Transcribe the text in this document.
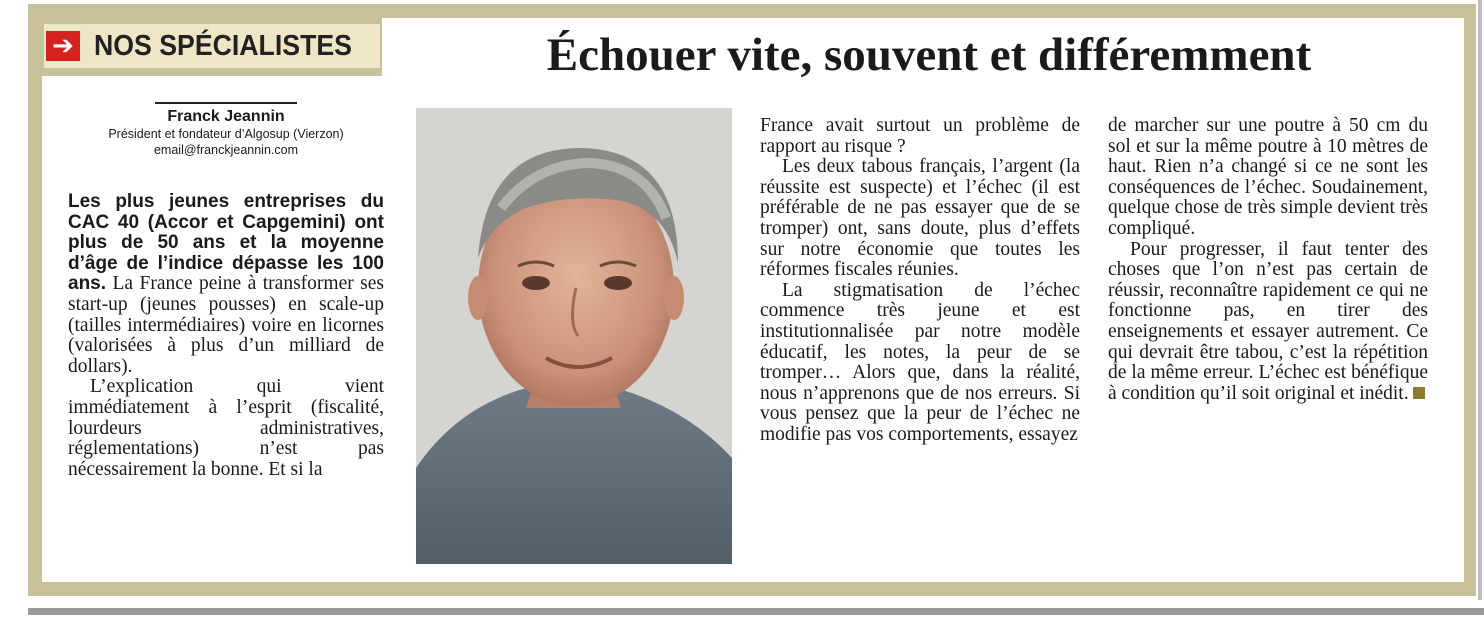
➔ NOS SPÉCIALISTES	Échouer vite, souvent et différemment
Franck Jeannin
Président et fondateur d’Algosup (Vierzon)
email@franckjeannin.com

Les plus jeunes entreprises du CAC 40 (Accor et Capgemini) ont plus de 50 ans et la moyenne d’âge de l’indice dépasse les 100 ans. La France peine à transformer ses start-up (jeunes pousses) en scale-up (tailles intermédiaires) voire en licornes (valorisées à plus d’un milliard de dollars).

L’explication qui vient immédiatement à l’esprit (fiscalité, lourdeurs administratives, réglementations) n’est pas nécessairement la bonne. Et si la

France avait surtout un problème de rapport au risque ?

Les deux tabous français, l’argent (la réussite est suspecte) et l’échec (il est préférable de ne pas essayer que de se tromper) ont, sans doute, plus d’effets sur notre économie que toutes les réformes fiscales réunies.

La stigmatisation de l’échec commence très jeune et est institutionnalisée par notre modèle éducatif, les notes, la peur de se tromper… Alors que, dans la réalité, nous n’apprenons que de nos erreurs. Si vous pensez que la peur de l’échec ne modifie pas vos comportements, essayez

de marcher sur une poutre à 50 cm du sol et sur la même poutre à 10 mètres de haut. Rien n’a changé si ce ne sont les conséquences de l’échec. Soudainement, quelque chose de très simple devient très compliqué.

Pour progresser, il faut tenter des choses que l’on n’est pas certain de réussir, reconnaître rapidement ce qui ne fonctionne pas, en tirer des enseignements et essayer autrement. Ce qui devrait être tabou, c’est la répétition de la même erreur. L’échec est bénéfique à condition qu’il soit original et inédit.
